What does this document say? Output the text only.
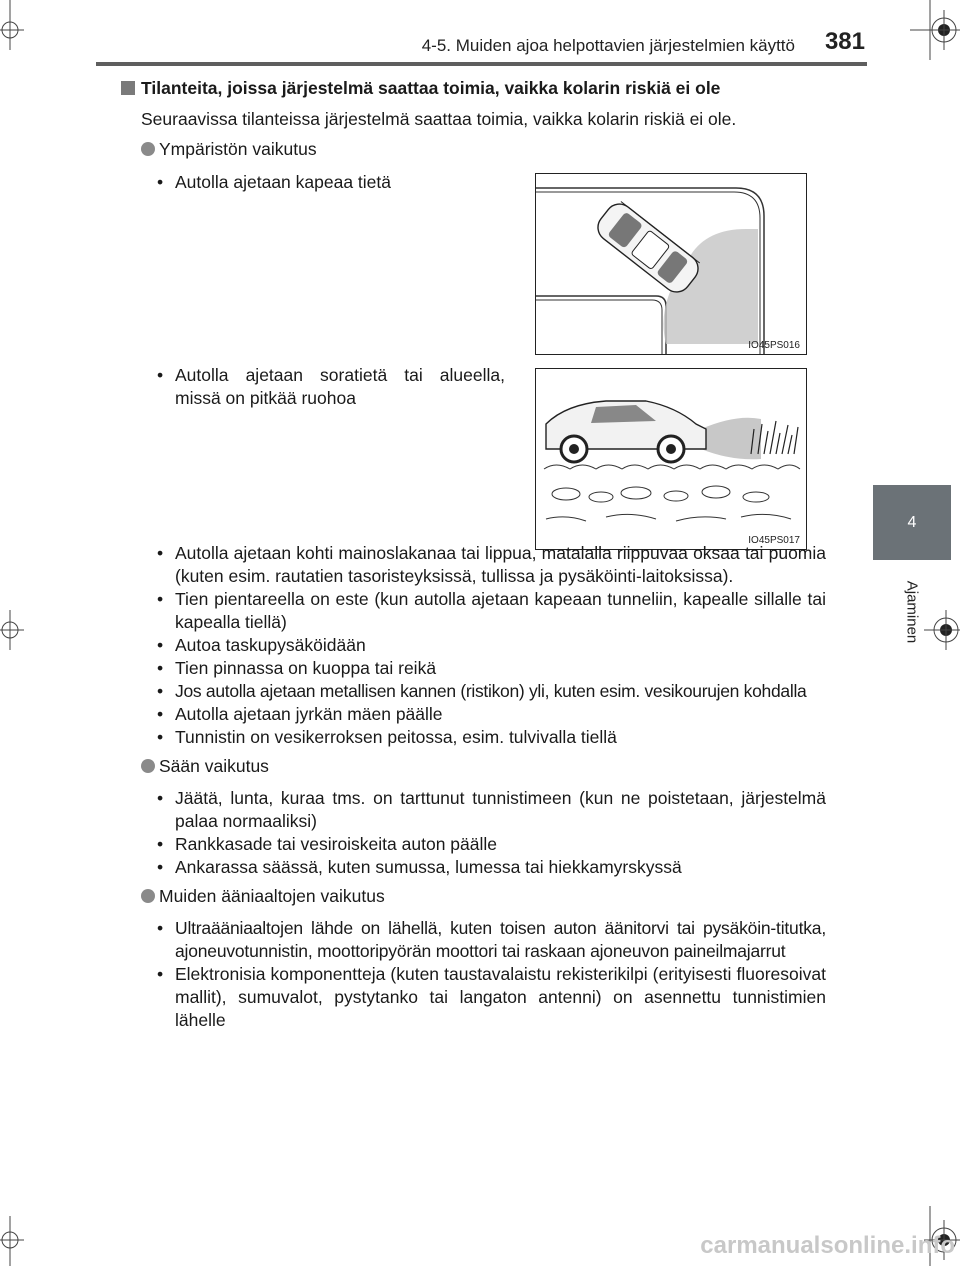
4-5. Muiden ajoa helpottavien järjestelmien käyttö	381
4
Ajaminen
IO45PS016
IO45PS017
Tilanteita, joissa järjestelmä saattaa toimia, vaikka kolarin riskiä ei ole
Seuraavissa tilanteissa järjestelmä saattaa toimia, vaikka kolarin riskiä ei ole.
Ympäristön vaikutus
• Autolla ajetaan kapeaa tietä
• Autolla ajetaan soratietä tai alueella, missä on pitkää ruohoa
• Autolla ajetaan kohti mainoslakanaa tai lippua, matalalla riippuvaa oksaa tai puomia (kuten esim. rautatien tasoristeyksissä, tullissa ja pysäköinti-laitoksissa).
• Tien pientareella on este (kun autolla ajetaan kapeaan tunneliin, kapealle sillalle tai kapealla tiellä)
• Autoa taskupysäköidään
• Tien pinnassa on kuoppa tai reikä
• Jos autolla ajetaan metallisen kannen (ristikon) yli, kuten esim. vesikourujen kohdalla
• Autolla ajetaan jyrkän mäen päälle
• Tunnistin on vesikerroksen peitossa, esim. tulvivalla tiellä
Sään vaikutus
• Jäätä, lunta, kuraa tms. on tarttunut tunnistimeen (kun ne poistetaan, järjestelmä palaa normaaliksi)
• Rankkasade tai vesiroiskeita auton päälle
• Ankarassa säässä, kuten sumussa, lumessa tai hiekkamyrskyssä
Muiden ääniaaltojen vaikutus
• Ultraääniaaltojen lähde on lähellä, kuten toisen auton äänitorvi tai pysäköin-titutka, ajoneuvotunnistin, moottoripyörän moottori tai raskaan ajoneuvon paineilmajarrut
• Elektronisia komponentteja (kuten taustavalaistu rekisterikilpi (erityisesti fluoresoivat mallit), sumuvalot, pystytanko tai langaton antenni) on asennettu tunnistimien lähelle
carmanualsonline.info
